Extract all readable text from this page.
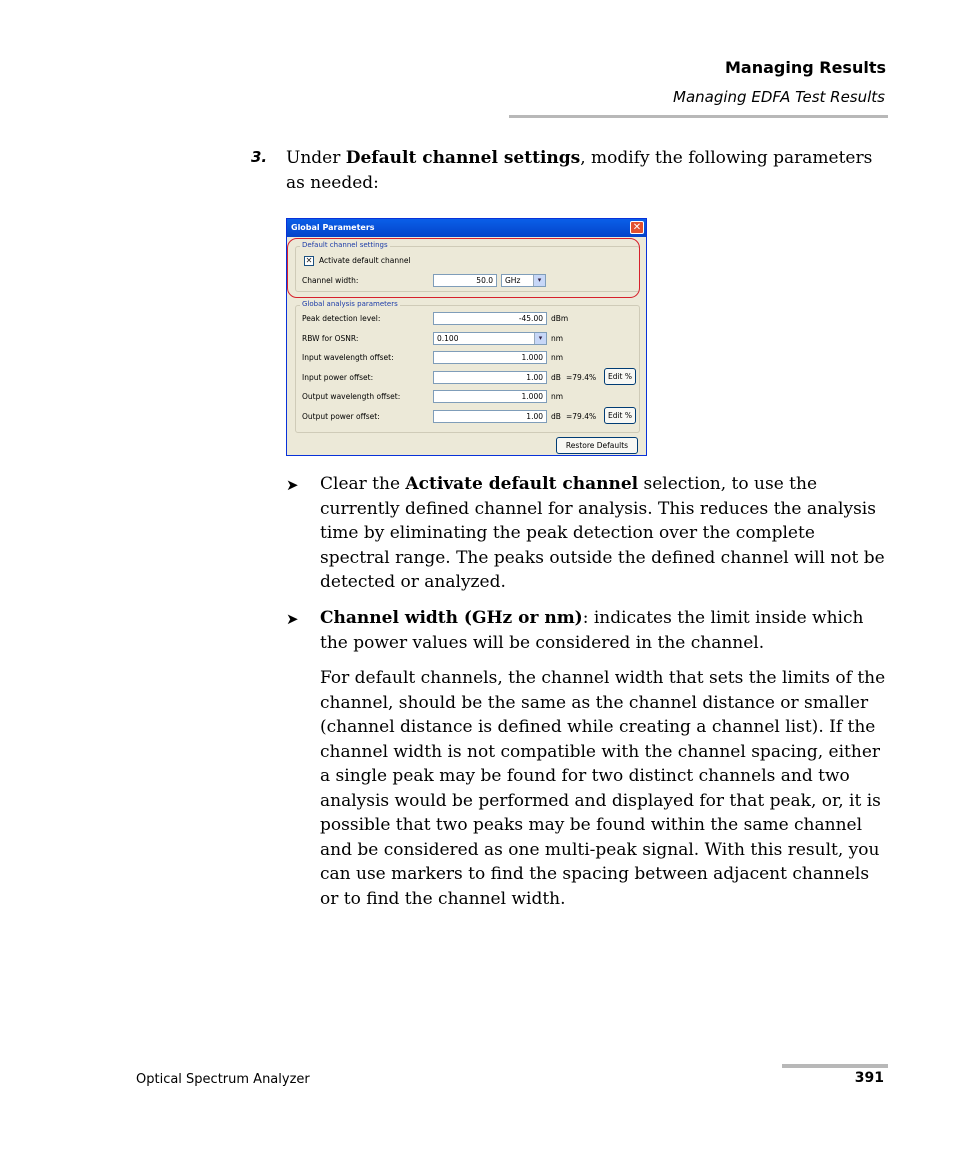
Managing Results
Managing EDFA Test Results
3. Under Default channel settings, modify the following parameters as needed:
Global Parameters	✕
Default channel settings
✕ Activate default channel
Channel width:	50.0	GHz	▾
Global analysis parameters
Peak detection level:	-45.00	dBm
RBW for OSNR:	0.100	▾	nm
Input wavelength offset:	1.000	nm
Input power offset:	1.00	dB =79.4%	Edit %
Output wavelength offset:	1.000	nm
Output power offset:	1.00	dB =79.4%	Edit %
Restore Defaults
➤ Clear the Activate default channel selection, to use the currently defined channel for analysis. This reduces the analysis time by eliminating the peak detection over the complete spectral range. The peaks outside the defined channel will not be detected or analyzed.
➤ Channel width (GHz or nm): indicates the limit inside which the power values will be considered in the channel.
For default channels, the channel width that sets the limits of the channel, should be the same as the channel distance or smaller (channel distance is defined while creating a channel list). If the channel width is not compatible with the channel spacing, either a single peak may be found for two distinct channels and two analysis would be performed and displayed for that peak, or, it is possible that two peaks may be found within the same channel and be considered as one multi-peak signal. With this result, you can use markers to find the spacing between adjacent channels or to find the channel width.
Optical Spectrum Analyzer	391
